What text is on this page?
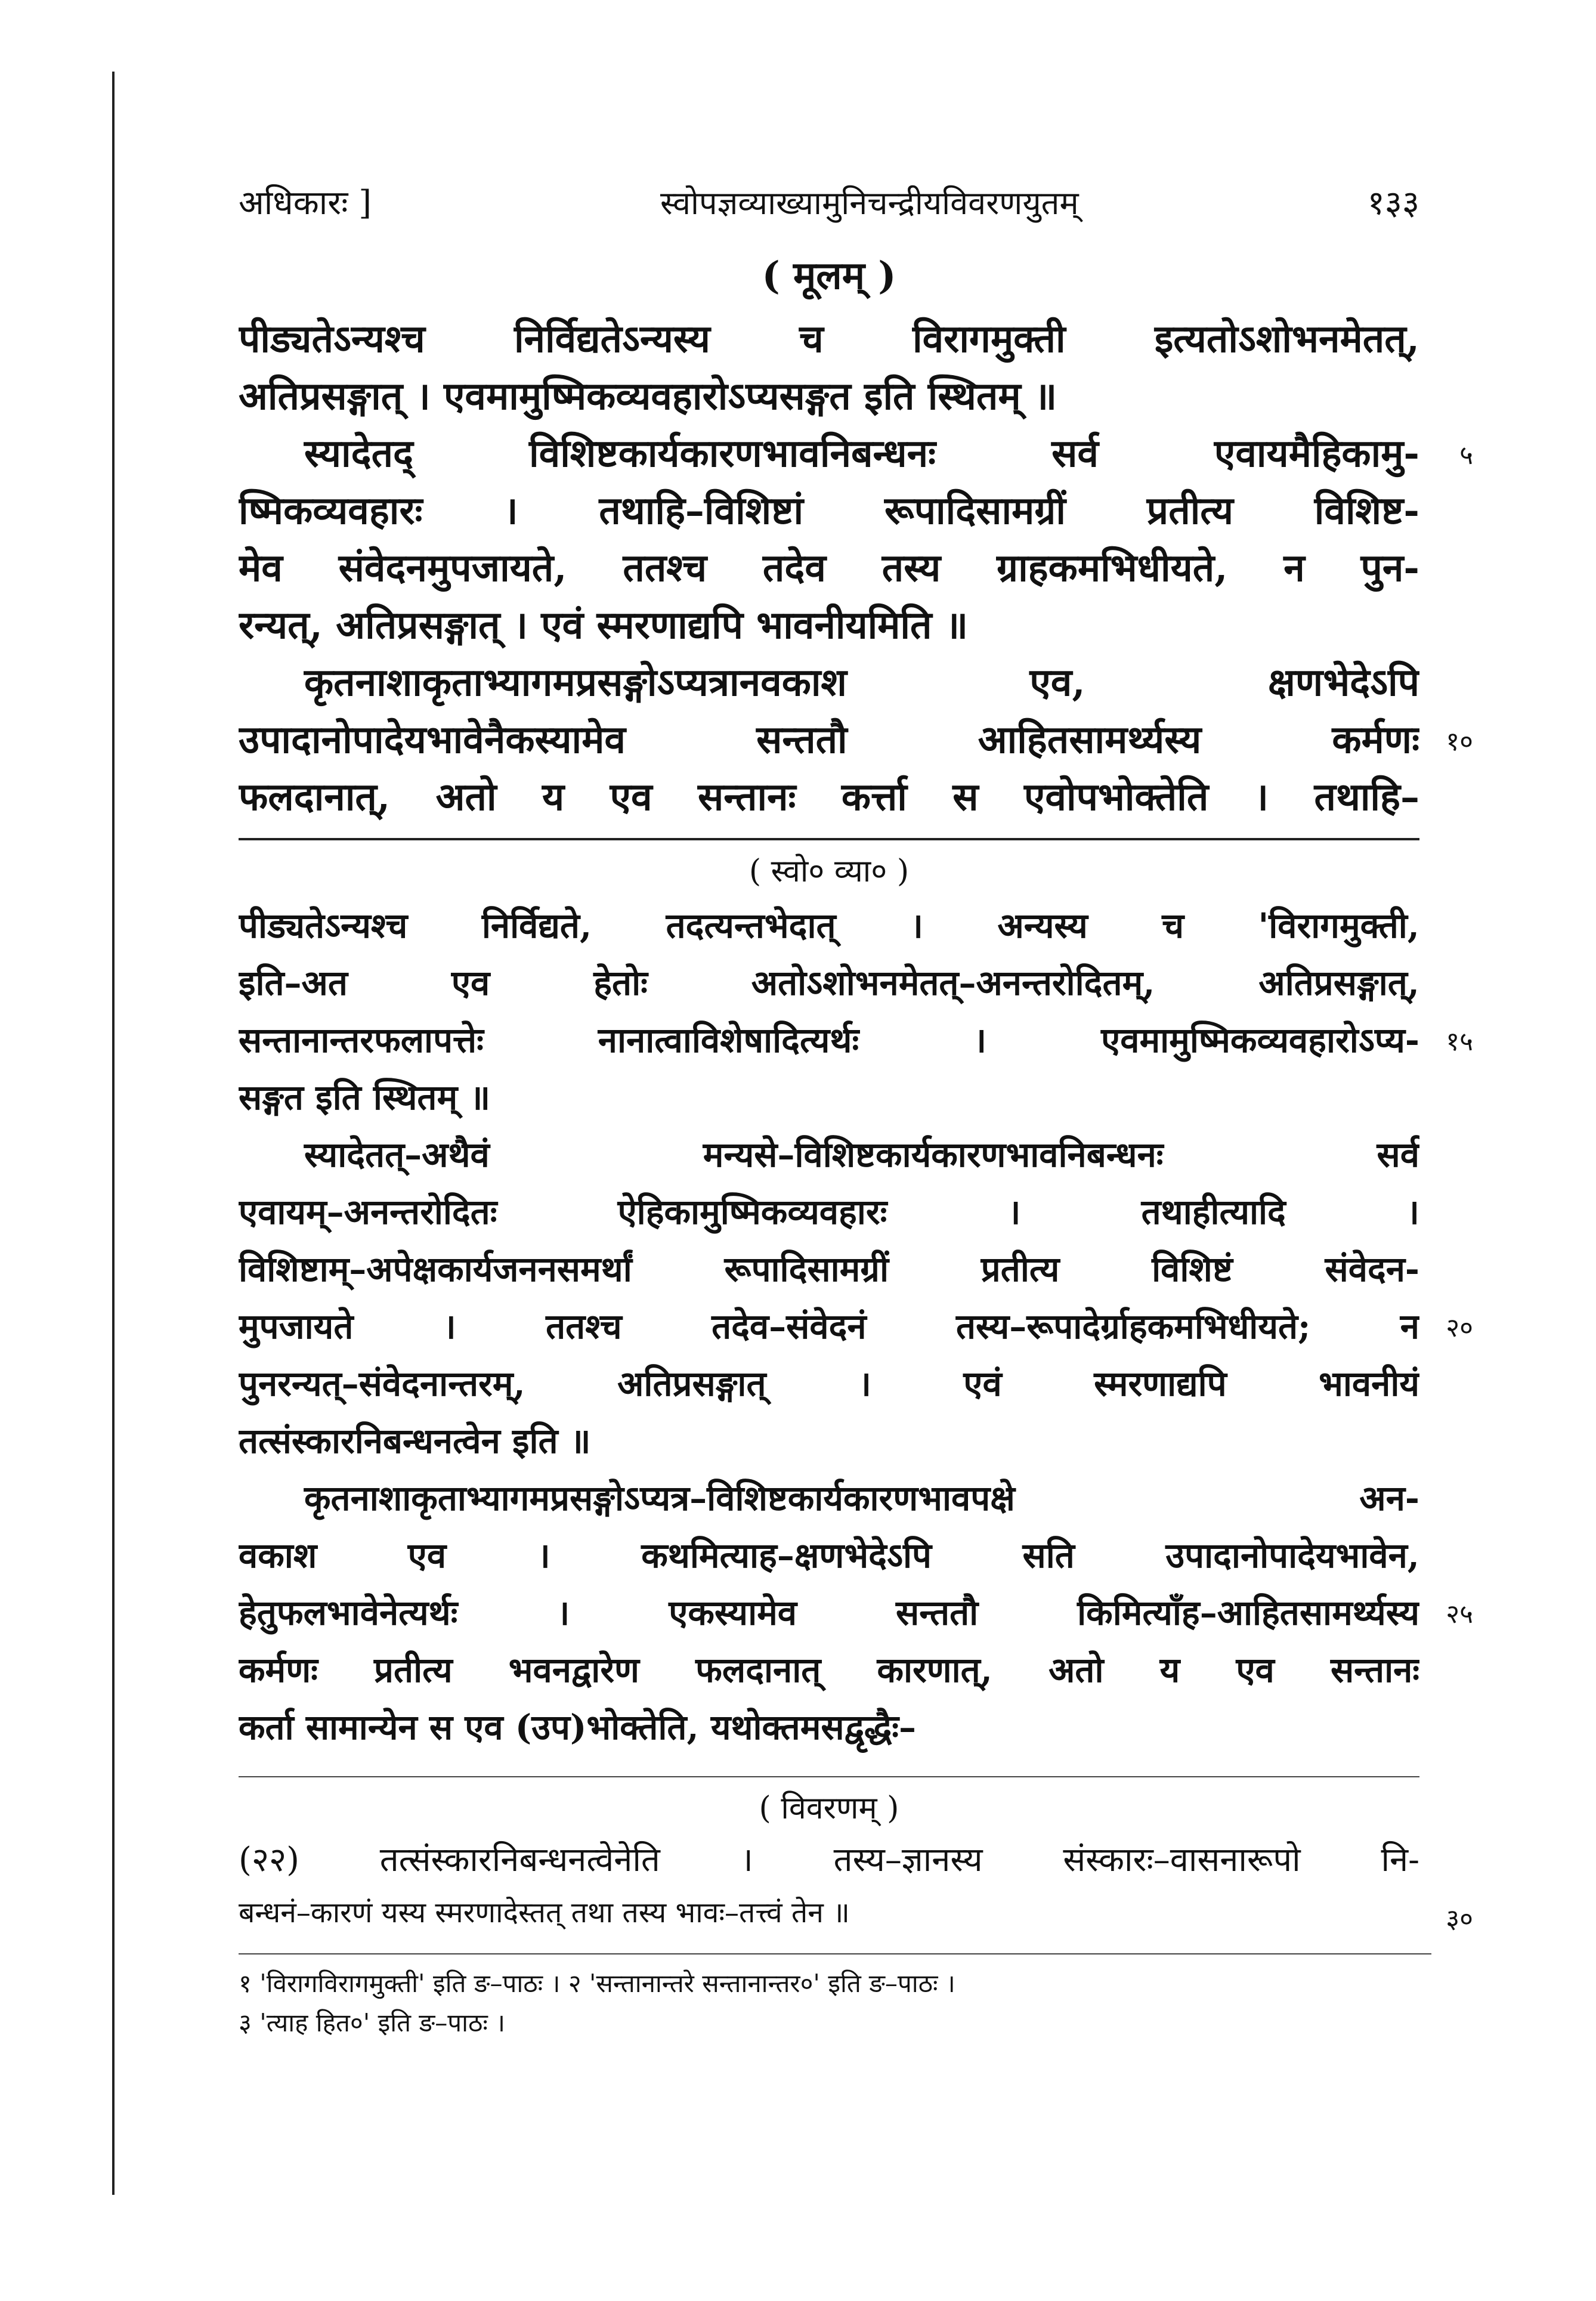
अधिकारः ]	स्वोपज्ञव्याख्यामुनिचन्द्रीयविवरणयुतम्	१३३
( मूलम् )
पीड्यतेऽन्यश्च निर्विद्यतेऽन्यस्य च विरागमुक्ती इत्यतोऽशोभनमेतत्,
अतिप्रसङ्गात् । एवमामुष्मिकव्यवहारोऽप्यसङ्गत इति स्थितम् ॥
स्यादेतद् विशिष्टकार्यकारणभावनिबन्धनः सर्व एवायमैहिकामु-
ष्मिकव्यवहारः । तथाहि–विशिष्टां रूपादिसामग्रीं प्रतीत्य विशिष्ट-
मेव संवेदनमुपजायते, ततश्च तदेव तस्य ग्राहकमभिधीयते, न पुन-
रन्यत्, अतिप्रसङ्गात् । एवं स्मरणाद्यपि भावनीयमिति ॥
कृतनाशाकृताभ्यागमप्रसङ्गोऽप्यत्रानवकाश एव, क्षणभेदेऽपि
उपादानोपादेयभावेनैकस्यामेव सन्ततौ आहितसामर्थ्यस्य कर्मणः
फलदानात्, अतो य एव सन्तानः कर्त्ता स एवोपभोक्तेति । तथाहि–
५
१०
( स्वो० व्या० )
पीड्यतेऽन्यश्च निर्विद्यते, तदत्यन्तभेदात् । अन्यस्य च 'विरागमुक्ती,
इति–अत एव हेतोः अतोऽशोभनमेतत्–अनन्तरोदितम्, अतिप्रसङ्गात्,
सन्तानान्तरफलापत्तेः नानात्वाविशेषादित्यर्थः । एवमामुष्मिकव्यवहारोऽप्य-
सङ्गत इति स्थितम् ॥
स्यादेतत्–अथैवं मन्यसे–विशिष्टकार्यकारणभावनिबन्धनः सर्व
एवायम्–अनन्तरोदितः ऐहिकामुष्मिकव्यवहारः । तथाहीत्यादि ।
विशिष्टाम्–अपेक्षकार्यजननसमर्थां रूपादिसामग्रीं प्रतीत्य विशिष्टं संवेदन-
मुपजायते । ततश्च तदेव–संवेदनं तस्य–रूपादेर्ग्राहकमभिधीयते; न
पुनरन्यत्–संवेदनान्तरम्, अतिप्रसङ्गात् । एवं स्मरणाद्यपि भावनीयं
तत्संस्कारनिबन्धनत्वेन इति ॥
कृतनाशाकृताभ्यागमप्रसङ्गोऽप्यत्र–विशिष्टकार्यकारणभावपक्षे अन-
वकाश एव । कथमित्याह–क्षणभेदेऽपि सति उपादानोपादेयभावेन,
हेतुफलभावेनेत्यर्थः । एकस्यामेव सन्ततौ किमित्याँह–आहितसामर्थ्यस्य
कर्मणः प्रतीत्य भवनद्वारेण फलदानात् कारणात्, अतो य एव सन्तानः
कर्ता सामान्येन स एव (उप)भोक्तेति, यथोक्तमसद्वृद्धैः–
१५
२०
२५
( विवरणम् )
(२२) तत्संस्कारनिबन्धनत्वेनेति । तस्य–ज्ञानस्य संस्कारः–वासनारूपो नि-
बन्धनं–कारणं यस्य स्मरणादेस्तत् तथा तस्य भावः–तत्त्वं तेन ॥	३०
१ 'विरागविरागमुक्ती' इति ङ–पाठः । २ 'सन्तानान्तरे सन्तानान्तर०' इति ङ–पाठः ।
३ 'त्याह हित०' इति ङ–पाठः ।
